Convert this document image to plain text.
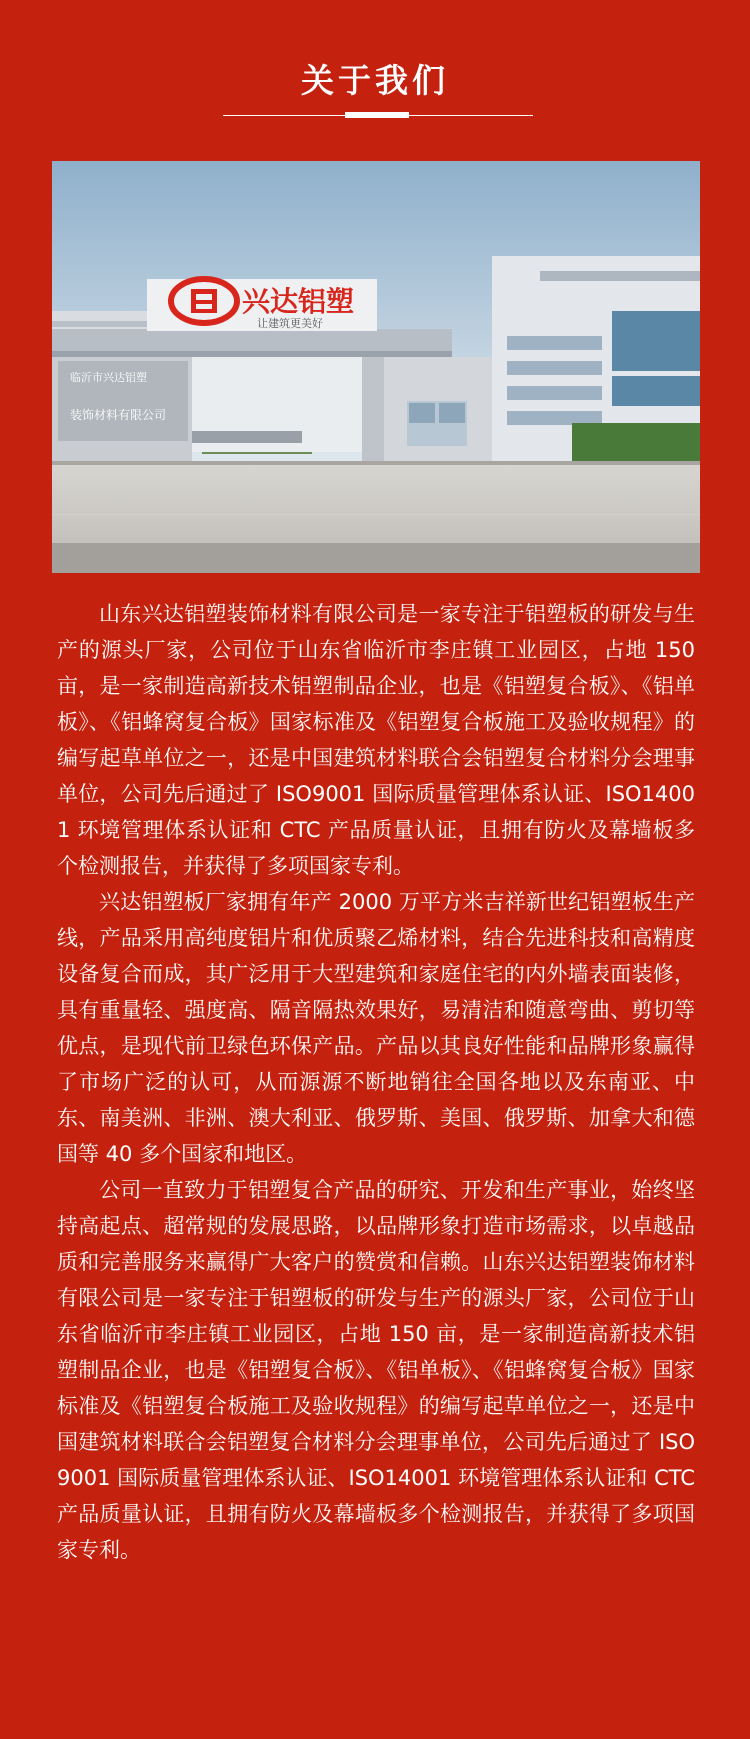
关于我们
兴达铝塑
让建筑更美好
临沂市兴达铝塑
装饰材料有限公司

山东兴达铝塑装饰材料有限公司是一家专注于铝塑板的研发与生产的源头厂家，公司位于山东省临沂市李庄镇工业园区，占地 150 亩，是一家制造高新技术铝塑制品企业，也是《铝塑复合板》、《铝单板》、《铝蜂窝复合板》国家标准及《铝塑复合板施工及验收规程》的编写起草单位之一，还是中国建筑材料联合会铝塑复合材料分会理事单位，公司先后通过了 ISO9001 国际质量管理体系认证、ISO14001 环境管理体系认证和 CTC 产品质量认证，且拥有防火及幕墙板多个检测报告，并获得了多项国家专利。

兴达铝塑板厂家拥有年产 2000 万平方米吉祥新世纪铝塑板生产线，产品采用高纯度铝片和优质聚乙烯材料，结合先进科技和高精度设备复合而成，其广泛用于大型建筑和家庭住宅的内外墙表面装修，具有重量轻、强度高、隔音隔热效果好，易清洁和随意弯曲、剪切等优点，是现代前卫绿色环保产品。产品以其良好性能和品牌形象赢得了市场广泛的认可，从而源源不断地销往全国各地以及东南亚、中东、南美洲、非洲、澳大利亚、俄罗斯、美国、俄罗斯、加拿大和德国等 40 多个国家和地区。

公司一直致力于铝塑复合产品的研究、开发和生产事业，始终坚持高起点、超常规的发展思路，以品牌形象打造市场需求，以卓越品质和完善服务来赢得广大客户的赞赏和信赖。山东兴达铝塑装饰材料有限公司是一家专注于铝塑板的研发与生产的源头厂家，公司位于山东省临沂市李庄镇工业园区，占地 150 亩，是一家制造高新技术铝塑制品企业，也是《铝塑复合板》、《铝单板》、《铝蜂窝复合板》国家标准及《铝塑复合板施工及验收规程》的编写起草单位之一，还是中国建筑材料联合会铝塑复合材料分会理事单位，公司先后通过了 ISO9001 国际质量管理体系认证、ISO14001 环境管理体系认证和 CTC 产品质量认证，且拥有防火及幕墙板多个检测报告，并获得了多项国家专利。
